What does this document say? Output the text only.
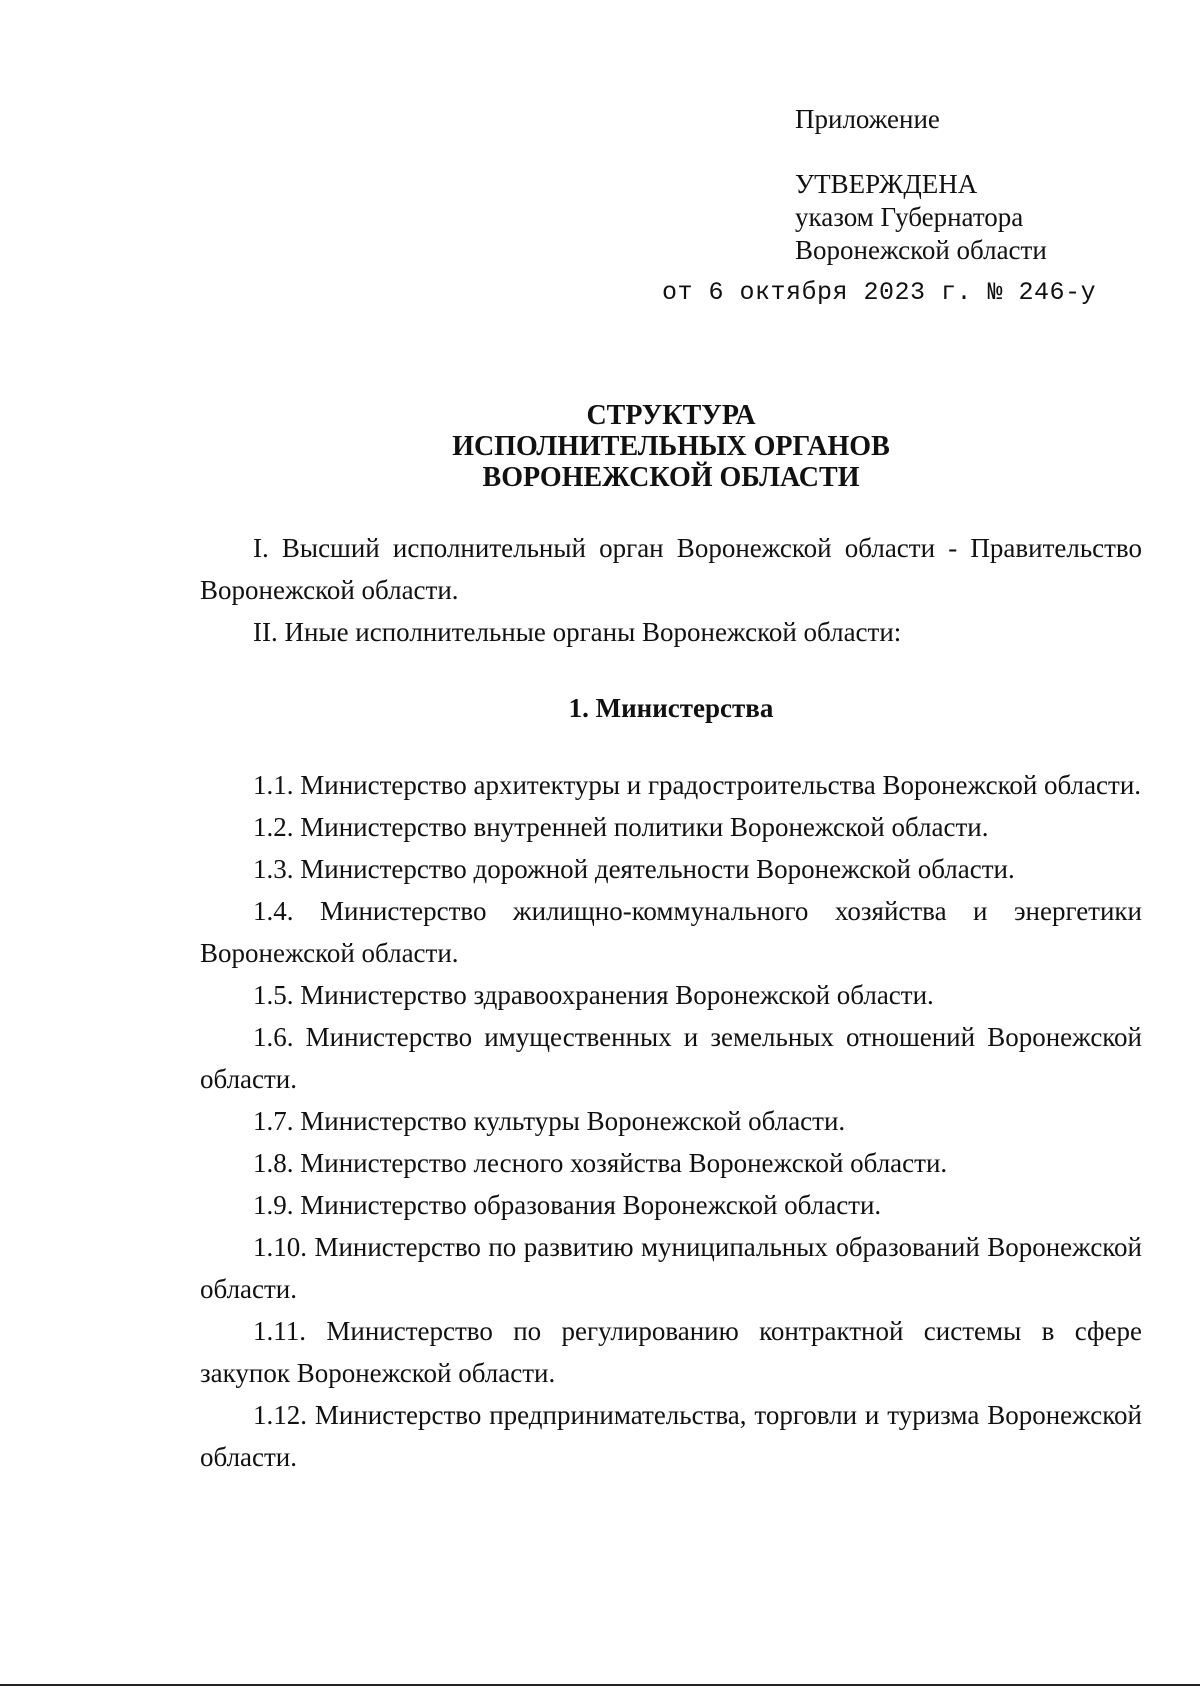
Приложение
УТВЕРЖДЕНА
указом Губернатора
Воронежской области
от 6 октября 2023 г. № 246-у
СТРУКТУРА
ИСПОЛНИТЕЛЬНЫХ ОРГАНОВ
ВОРОНЕЖСКОЙ ОБЛАСТИ

I. Высший исполнительный орган Воронежской области - Правительство Воронежской области.

II. Иные исполнительные органы Воронежской области:

1. Министерства

1.1. Министерство архитектуры и градостроительства Воронежской области.

1.2. Министерство внутренней политики Воронежской области.

1.3. Министерство дорожной деятельности Воронежской области.

1.4. Министерство жилищно-коммунального хозяйства и энергетики Воронежской области.

1.5. Министерство здравоохранения Воронежской области.

1.6. Министерство имущественных и земельных отношений Воронежской области.

1.7. Министерство культуры Воронежской области.

1.8. Министерство лесного хозяйства Воронежской области.

1.9. Министерство образования Воронежской области.

1.10. Министерство по развитию муниципальных образований Воронежской области.

1.11. Министерство по регулированию контрактной системы в сфере закупок Воронежской области.

1.12. Министерство предпринимательства, торговли и туризма Воронежской области.
